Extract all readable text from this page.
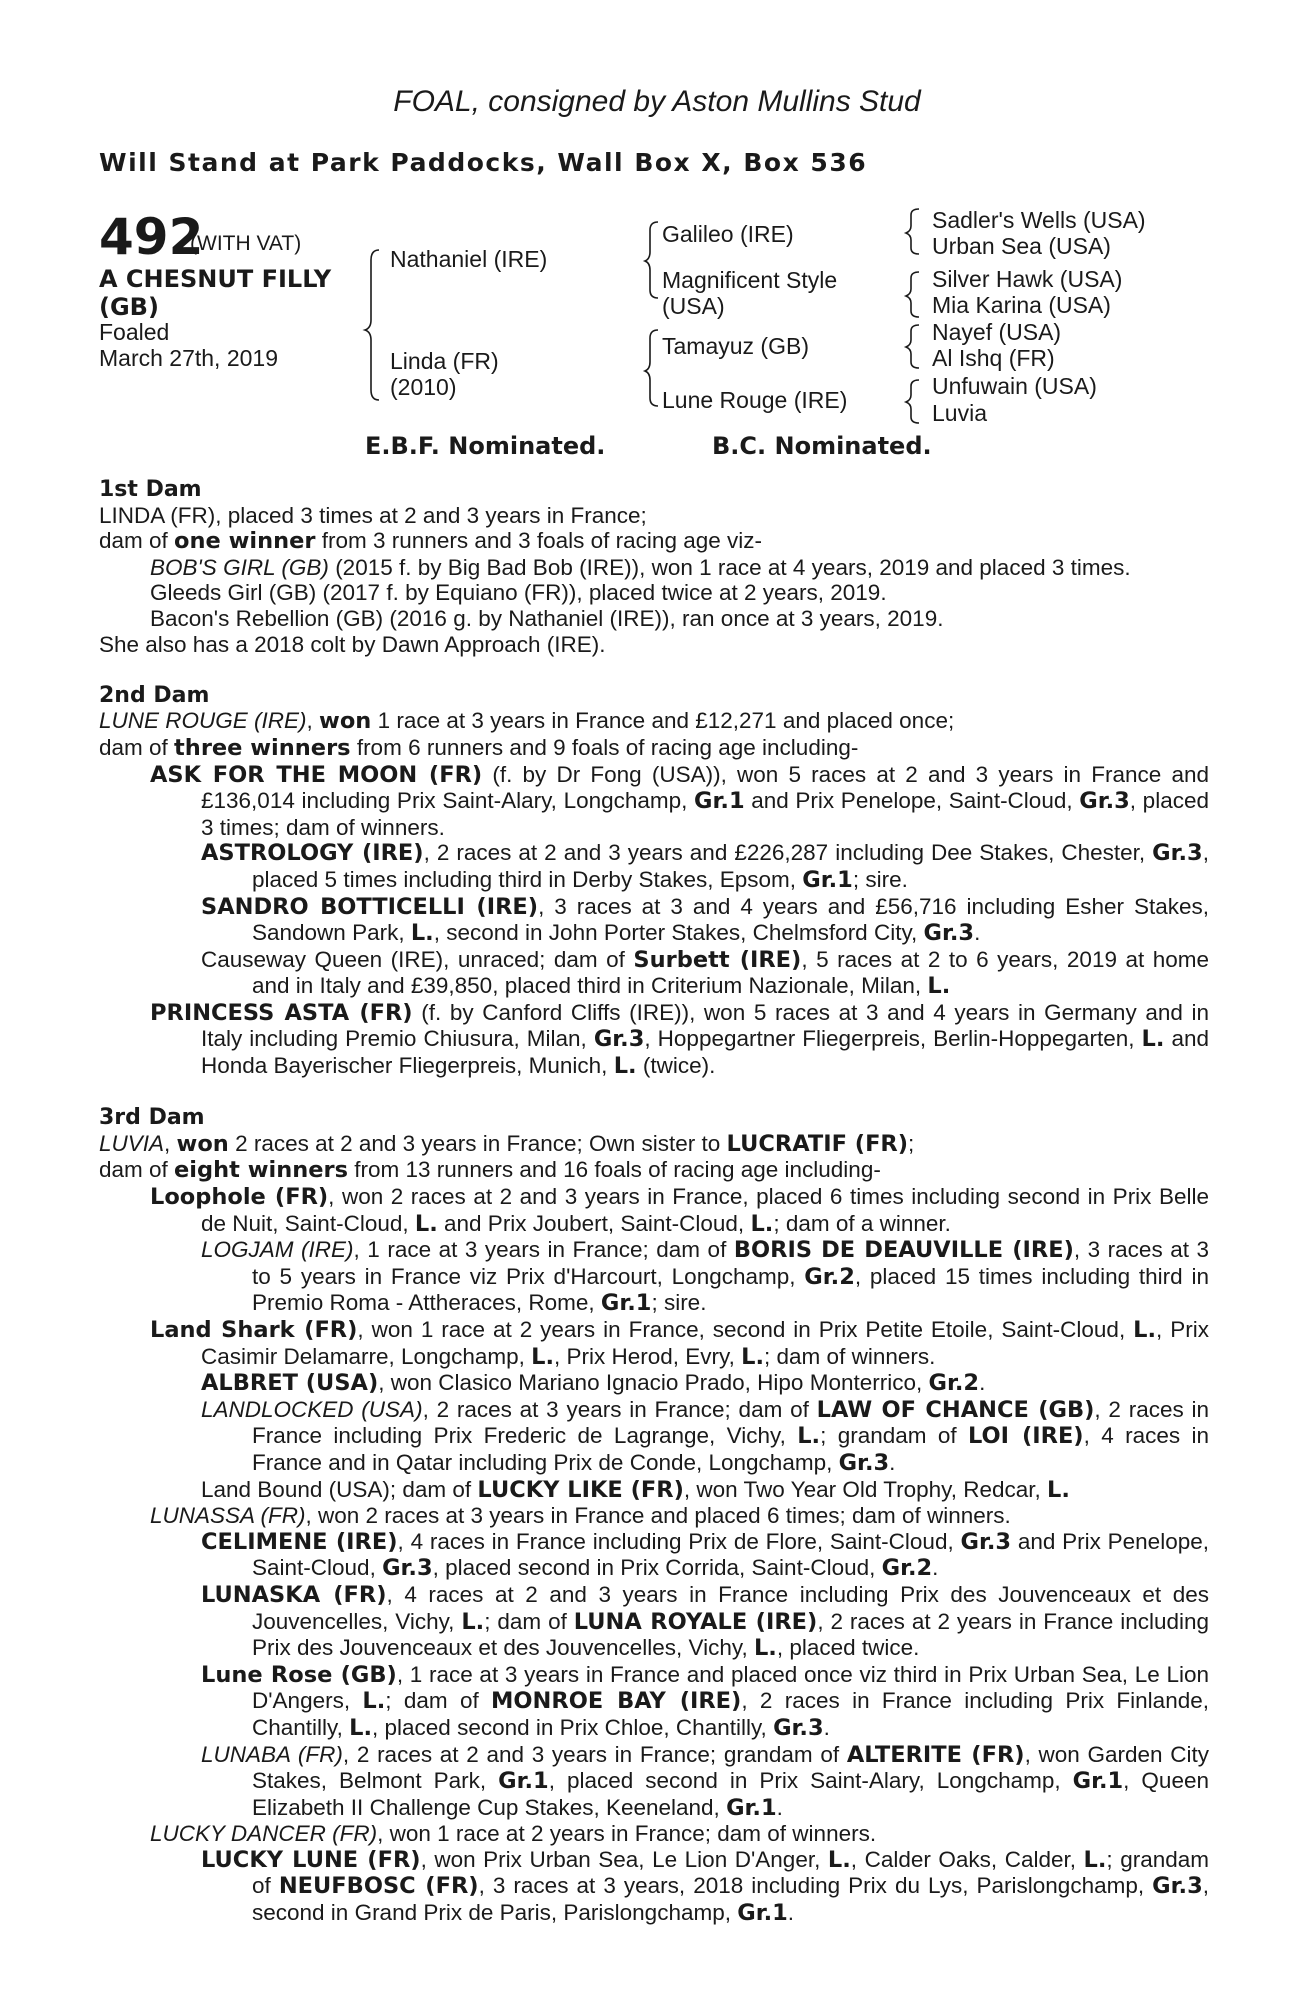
FOAL, consigned by Aston Mullins Stud
Will Stand at Park Paddocks, Wall Box X, Box 536
492
(WITH VAT)
A CHESNUT FILLY
(GB)
Foaled
March 27th, 2019
Nathaniel (IRE)
Linda (FR)
(2010)
Galileo (IRE)
Magnificent Style
(USA)
Tamayuz (GB)
Lune Rouge (IRE)
Sadler's Wells (USA)
Urban Sea (USA)
Silver Hawk (USA)
Mia Karina (USA)
Nayef (USA)
Al Ishq (FR)
Unfuwain (USA)
Luvia
E.B.F. Nominated.	B.C. Nominated.

1st Dam

LINDA (FR), placed 3 times at 2 and 3 years in France;

dam of one winner from 3 runners and 3 foals of racing age viz-

BOB'S GIRL (GB) (2015 f. by Big Bad Bob (IRE)), won 1 race at 4 years, 2019 and placed 3 times.

Gleeds Girl (GB) (2017 f. by Equiano (FR)), placed twice at 2 years, 2019.

Bacon's Rebellion (GB) (2016 g. by Nathaniel (IRE)), ran once at 3 years, 2019.

She also has a 2018 colt by Dawn Approach (IRE).

2nd Dam

LUNE ROUGE (IRE), won 1 race at 3 years in France and £12,271 and placed once;

dam of three winners from 6 runners and 9 foals of racing age including-

ASK FOR THE MOON (FR) (f. by Dr Fong (USA)), won 5 races at 2 and 3 years in France and £136,014 including Prix Saint-Alary, Longchamp, Gr.1 and Prix Penelope, Saint-Cloud, Gr.3, placed 3 times; dam of winners.

ASTROLOGY (IRE), 2 races at 2 and 3 years and £226,287 including Dee Stakes, Chester, Gr.3, placed 5 times including third in Derby Stakes, Epsom, Gr.1; sire.

SANDRO BOTTICELLI (IRE), 3 races at 3 and 4 years and £56,716 including Esher Stakes, Sandown Park, L., second in John Porter Stakes, Chelmsford City, Gr.3.

Causeway Queen (IRE), unraced; dam of Surbett (IRE), 5 races at 2 to 6 years, 2019 at home and in Italy and £39,850, placed third in Criterium Nazionale, Milan, L.

PRINCESS ASTA (FR) (f. by Canford Cliffs (IRE)), won 5 races at 3 and 4 years in Germany and in Italy including Premio Chiusura, Milan, Gr.3, Hoppegartner Fliegerpreis, Berlin-Hoppegarten, L. and Honda Bayerischer Fliegerpreis, Munich, L. (twice).

3rd Dam

LUVIA, won 2 races at 2 and 3 years in France; Own sister to LUCRATIF (FR);

dam of eight winners from 13 runners and 16 foals of racing age including-

Loophole (FR), won 2 races at 2 and 3 years in France, placed 6 times including second in Prix Belle de Nuit, Saint-Cloud, L. and Prix Joubert, Saint-Cloud, L.; dam of a winner.

LOGJAM (IRE), 1 race at 3 years in France; dam of BORIS DE DEAUVILLE (IRE), 3 races at 3 to 5 years in France viz Prix d'Harcourt, Longchamp, Gr.2, placed 15 times including third in Premio Roma - Attheraces, Rome, Gr.1; sire.

Land Shark (FR), won 1 race at 2 years in France, second in Prix Petite Etoile, Saint-Cloud, L., Prix Casimir Delamarre, Longchamp, L., Prix Herod, Evry, L.; dam of winners.

ALBRET (USA), won Clasico Mariano Ignacio Prado, Hipo Monterrico, Gr.2.

LANDLOCKED (USA), 2 races at 3 years in France; dam of LAW OF CHANCE (GB), 2 races in France including Prix Frederic de Lagrange, Vichy, L.; grandam of LOI (IRE), 4 races in France and in Qatar including Prix de Conde, Longchamp, Gr.3.

Land Bound (USA); dam of LUCKY LIKE (FR), won Two Year Old Trophy, Redcar, L.

LUNASSA (FR), won 2 races at 3 years in France and placed 6 times; dam of winners.

CELIMENE (IRE), 4 races in France including Prix de Flore, Saint-Cloud, Gr.3 and Prix Penelope, Saint-Cloud, Gr.3, placed second in Prix Corrida, Saint-Cloud, Gr.2.

LUNASKA (FR), 4 races at 2 and 3 years in France including Prix des Jouvenceaux et des Jouvencelles, Vichy, L.; dam of LUNA ROYALE (IRE), 2 races at 2 years in France including Prix des Jouvenceaux et des Jouvencelles, Vichy, L., placed twice.

Lune Rose (GB), 1 race at 3 years in France and placed once viz third in Prix Urban Sea, Le Lion D'Angers, L.; dam of MONROE BAY (IRE), 2 races in France including Prix Finlande, Chantilly, L., placed second in Prix Chloe, Chantilly, Gr.3.

LUNABA (FR), 2 races at 2 and 3 years in France; grandam of ALTERITE (FR), won Garden City Stakes, Belmont Park, Gr.1, placed second in Prix Saint-Alary, Longchamp, Gr.1, Queen Elizabeth II Challenge Cup Stakes, Keeneland, Gr.1.

LUCKY DANCER (FR), won 1 race at 2 years in France; dam of winners.

LUCKY LUNE (FR), won Prix Urban Sea, Le Lion D'Anger, L., Calder Oaks, Calder, L.; grandam of NEUFBOSC (FR), 3 races at 3 years, 2018 including Prix du Lys, Parislongchamp, Gr.3, second in Grand Prix de Paris, Parislongchamp, Gr.1.
